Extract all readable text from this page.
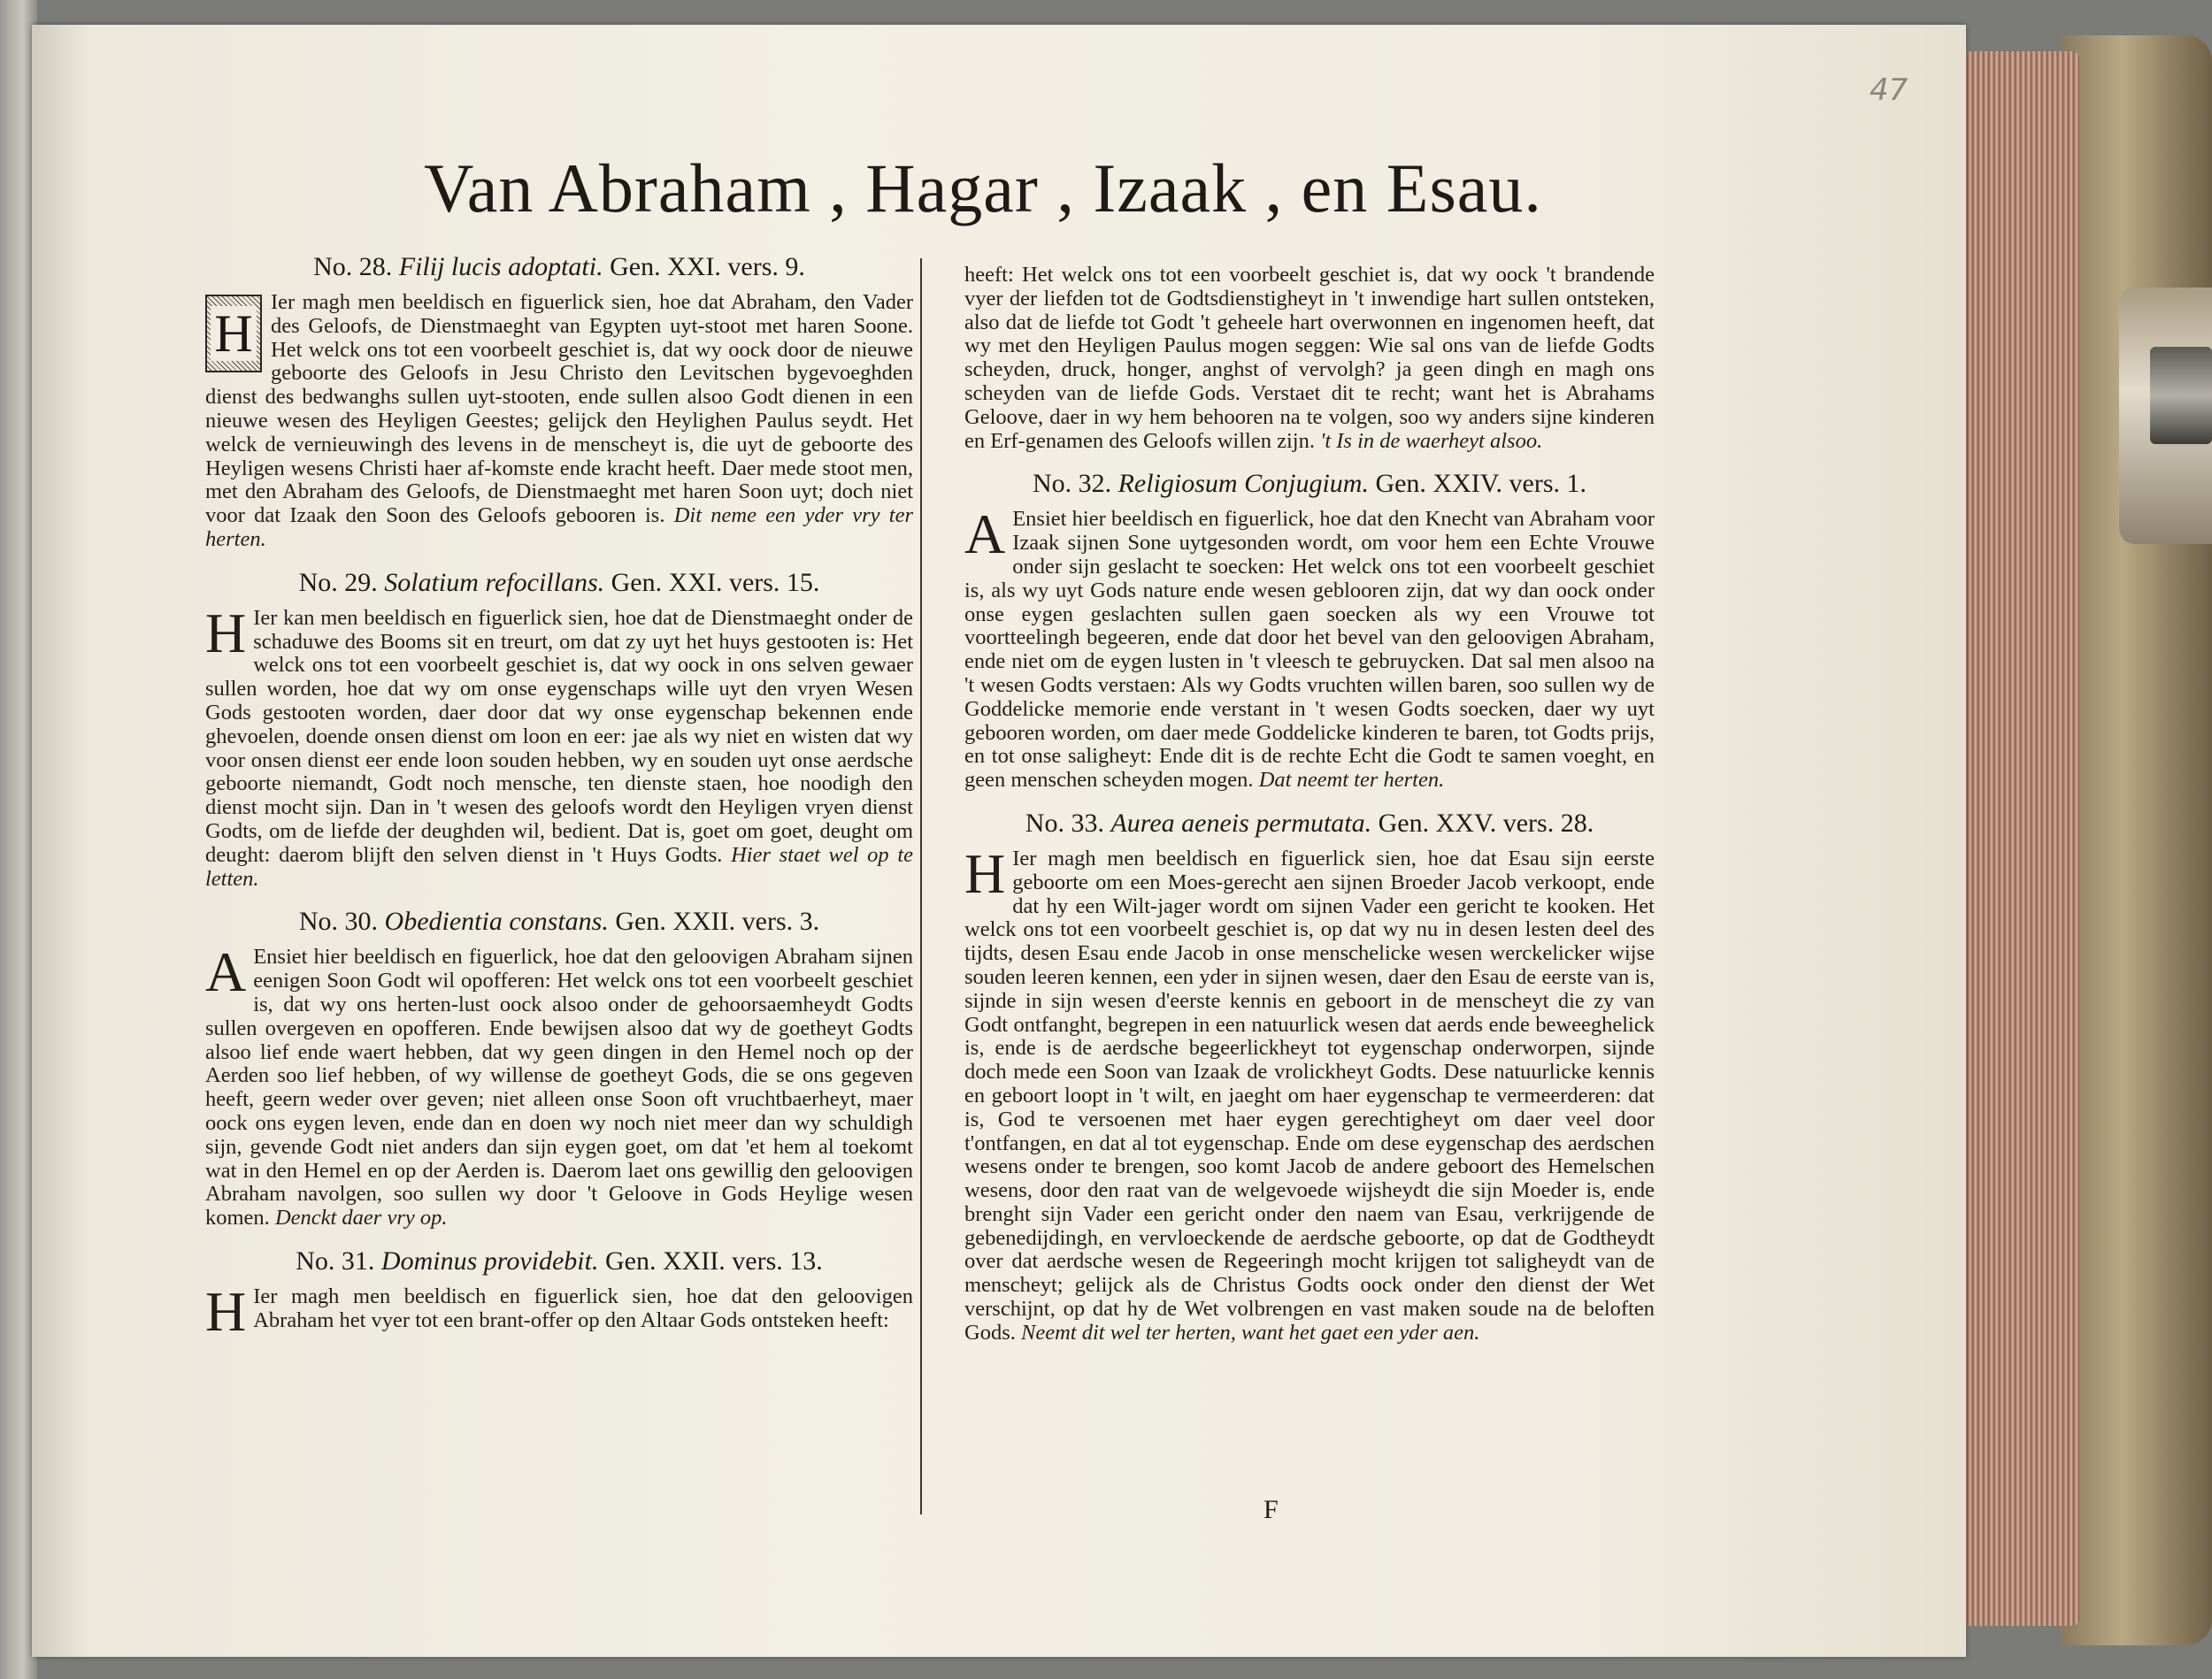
47
Van Abraham , Hagar , Izaak , en Esau.
No. 28. Filij lucis adoptati. Gen. XXI. vers. 9.

H
Ier magh men beeldisch en figuerlick sien, hoe dat Abraham, den Vader des Geloofs, de Dienstmaeght van Egypten uyt-stoot met haren Soone. Het welck ons tot een voorbeelt geschiet is, dat wy oock door de nieuwe geboorte des Geloofs in Jesu Christo den Levitschen bygevoeghden dienst des bedwanghs sullen uyt-stooten, ende sullen alsoo Godt dienen in een nieuwe wesen des Heyligen Geestes; gelijck den Heylighen Paulus seydt. Het welck de vernieuwingh des levens in de menscheyt is, die uyt de geboorte des Heyligen wesens Christi haer af-komste ende kracht heeft. Daer mede stoot men, met den Abraham des Geloofs, de Dienstmaeght met haren Soon uyt; doch niet voor dat Izaak den Soon des Geloofs gebooren is. Dit neme een yder vry ter herten.

No. 29. Solatium refocillans. Gen. XXI. vers. 15.

H Ier kan men beeldisch en figuerlick sien, hoe dat de Dienstmaeght onder de schaduwe des Booms sit en treurt, om dat zy uyt het huys gestooten is: Het welck ons tot een voorbeelt geschiet is, dat wy oock in ons selven gewaer sullen worden, hoe dat wy om onse eygenschaps wille uyt den vryen Wesen Gods gestooten worden, daer door dat wy onse eygenschap bekennen ende ghevoelen, doende onsen dienst om loon en eer: jae als wy niet en wisten dat wy voor onsen dienst eer ende loon souden hebben, wy en souden uyt onse aerdsche geboorte niemandt, Godt noch mensche, ten dienste staen, hoe noodigh den dienst mocht sijn. Dan in 't wesen des geloofs wordt den Heyligen vryen dienst Godts, om de liefde der deughden wil, bedient. Dat is, goet om goet, deught om deught: daerom blijft den selven dienst in 't Huys Godts. Hier staet wel op te letten.

No. 30. Obedientia constans. Gen. XXII. vers. 3.

A Ensiet hier beeldisch en figuerlick, hoe dat den geloovigen Abraham sijnen eenigen Soon Godt wil opofferen: Het welck ons tot een voorbeelt geschiet is, dat wy ons herten-lust oock alsoo onder de gehoorsaemheydt Godts sullen overgeven en opofferen. Ende bewijsen alsoo dat wy de goetheyt Godts alsoo lief ende waert hebben, dat wy geen dingen in den Hemel noch op der Aerden soo lief hebben, of wy willense de goetheyt Gods, die se ons gegeven heeft, geern weder over geven; niet alleen onse Soon oft vruchtbaerheyt, maer oock ons eygen leven, ende dan en doen wy noch niet meer dan wy schuldigh sijn, gevende Godt niet anders dan sijn eygen goet, om dat 'et hem al toekomt wat in den Hemel en op der Aerden is. Daerom laet ons gewillig den geloovigen Abraham navolgen, soo sullen wy door 't Geloove in Gods Heylige wesen komen. Denckt daer vry op.

No. 31. Dominus providebit. Gen. XXII. vers. 13.

H Ier magh men beeldisch en figuerlick sien, hoe dat den geloovigen Abraham het vyer tot een brant-offer op den Altaar Gods ontsteken heeft:

heeft: Het welck ons tot een voorbeelt geschiet is, dat wy oock 't brandende vyer der liefden tot de Godtsdienstigheyt in 't inwendige hart sullen ontsteken, also dat de liefde tot Godt 't geheele hart overwonnen en ingenomen heeft, dat wy met den Heyligen Paulus mogen seggen: Wie sal ons van de liefde Godts scheyden, druck, honger, anghst of vervolgh? ja geen dingh en magh ons scheyden van de liefde Gods. Verstaet dit te recht; want het is Abrahams Geloove, daer in wy hem behooren na te volgen, soo wy anders sijne kinderen en Erf-genamen des Geloofs willen zijn. 't Is in de waerheyt alsoo.

No. 32. Religiosum Conjugium. Gen. XXIV. vers. 1.

A Ensiet hier beeldisch en figuerlick, hoe dat den Knecht van Abraham voor Izaak sijnen Sone uytgesonden wordt, om voor hem een Echte Vrouwe onder sijn geslacht te soecken: Het welck ons tot een voorbeelt geschiet is, als wy uyt Gods nature ende wesen geblooren zijn, dat wy dan oock onder onse eygen geslachten sullen gaen soecken als wy een Vrouwe tot voortteelingh begeeren, ende dat door het bevel van den geloovigen Abraham, ende niet om de eygen lusten in 't vleesch te gebruycken. Dat sal men alsoo na 't wesen Godts verstaen: Als wy Godts vruchten willen baren, soo sullen wy de Goddelicke memorie ende verstant in 't wesen Godts soecken, daer wy uyt gebooren worden, om daer mede Goddelicke kinderen te baren, tot Godts prijs, en tot onse saligheyt: Ende dit is de rechte Echt die Godt te samen voeght, en geen menschen scheyden mogen. Dat neemt ter herten.

No. 33. Aurea aeneis permutata. Gen. XXV. vers. 28.

H Ier magh men beeldisch en figuerlick sien, hoe dat Esau sijn eerste geboorte om een Moes-gerecht aen sijnen Broeder Jacob verkoopt, ende dat hy een Wilt-jager wordt om sijnen Vader een gericht te kooken. Het welck ons tot een voorbeelt geschiet is, op dat wy nu in desen lesten deel des tijdts, desen Esau ende Jacob in onse menschelicke wesen werckelicker wijse souden leeren kennen, een yder in sijnen wesen, daer den Esau de eerste van is, sijnde in sijn wesen d'eerste kennis en geboort in de menscheyt die zy van Godt ontfanght, begrepen in een natuurlick wesen dat aerds ende beweeghelick is, ende is de aerdsche begeerlickheyt tot eygenschap onderworpen, sijnde doch mede een Soon van Izaak de vrolickheyt Godts. Dese natuurlicke kennis en geboort loopt in 't wilt, en jaeght om haer eygenschap te vermeerderen: dat is, God te versoenen met haer eygen gerechtigheyt om daer veel door t'ontfangen, en dat al tot eygenschap. Ende om dese eygenschap des aerdschen wesens onder te brengen, soo komt Jacob de andere geboort des Hemelschen wesens, door den raat van de welgevoede wijsheydt die sijn Moeder is, ende brenght sijn Vader een gericht onder den naem van Esau, verkrijgende de gebenedijdingh, en vervloeckende de aerdsche geboorte, op dat de Godtheydt over dat aerdsche wesen de Regeeringh mocht krijgen tot saligheydt van de menscheyt; gelijck als de Christus Godts oock onder den dienst der Wet verschijnt, op dat hy de Wet volbrengen en vast maken soude na de beloften Gods. Neemt dit wel ter herten, want het gaet een yder aen.

F
